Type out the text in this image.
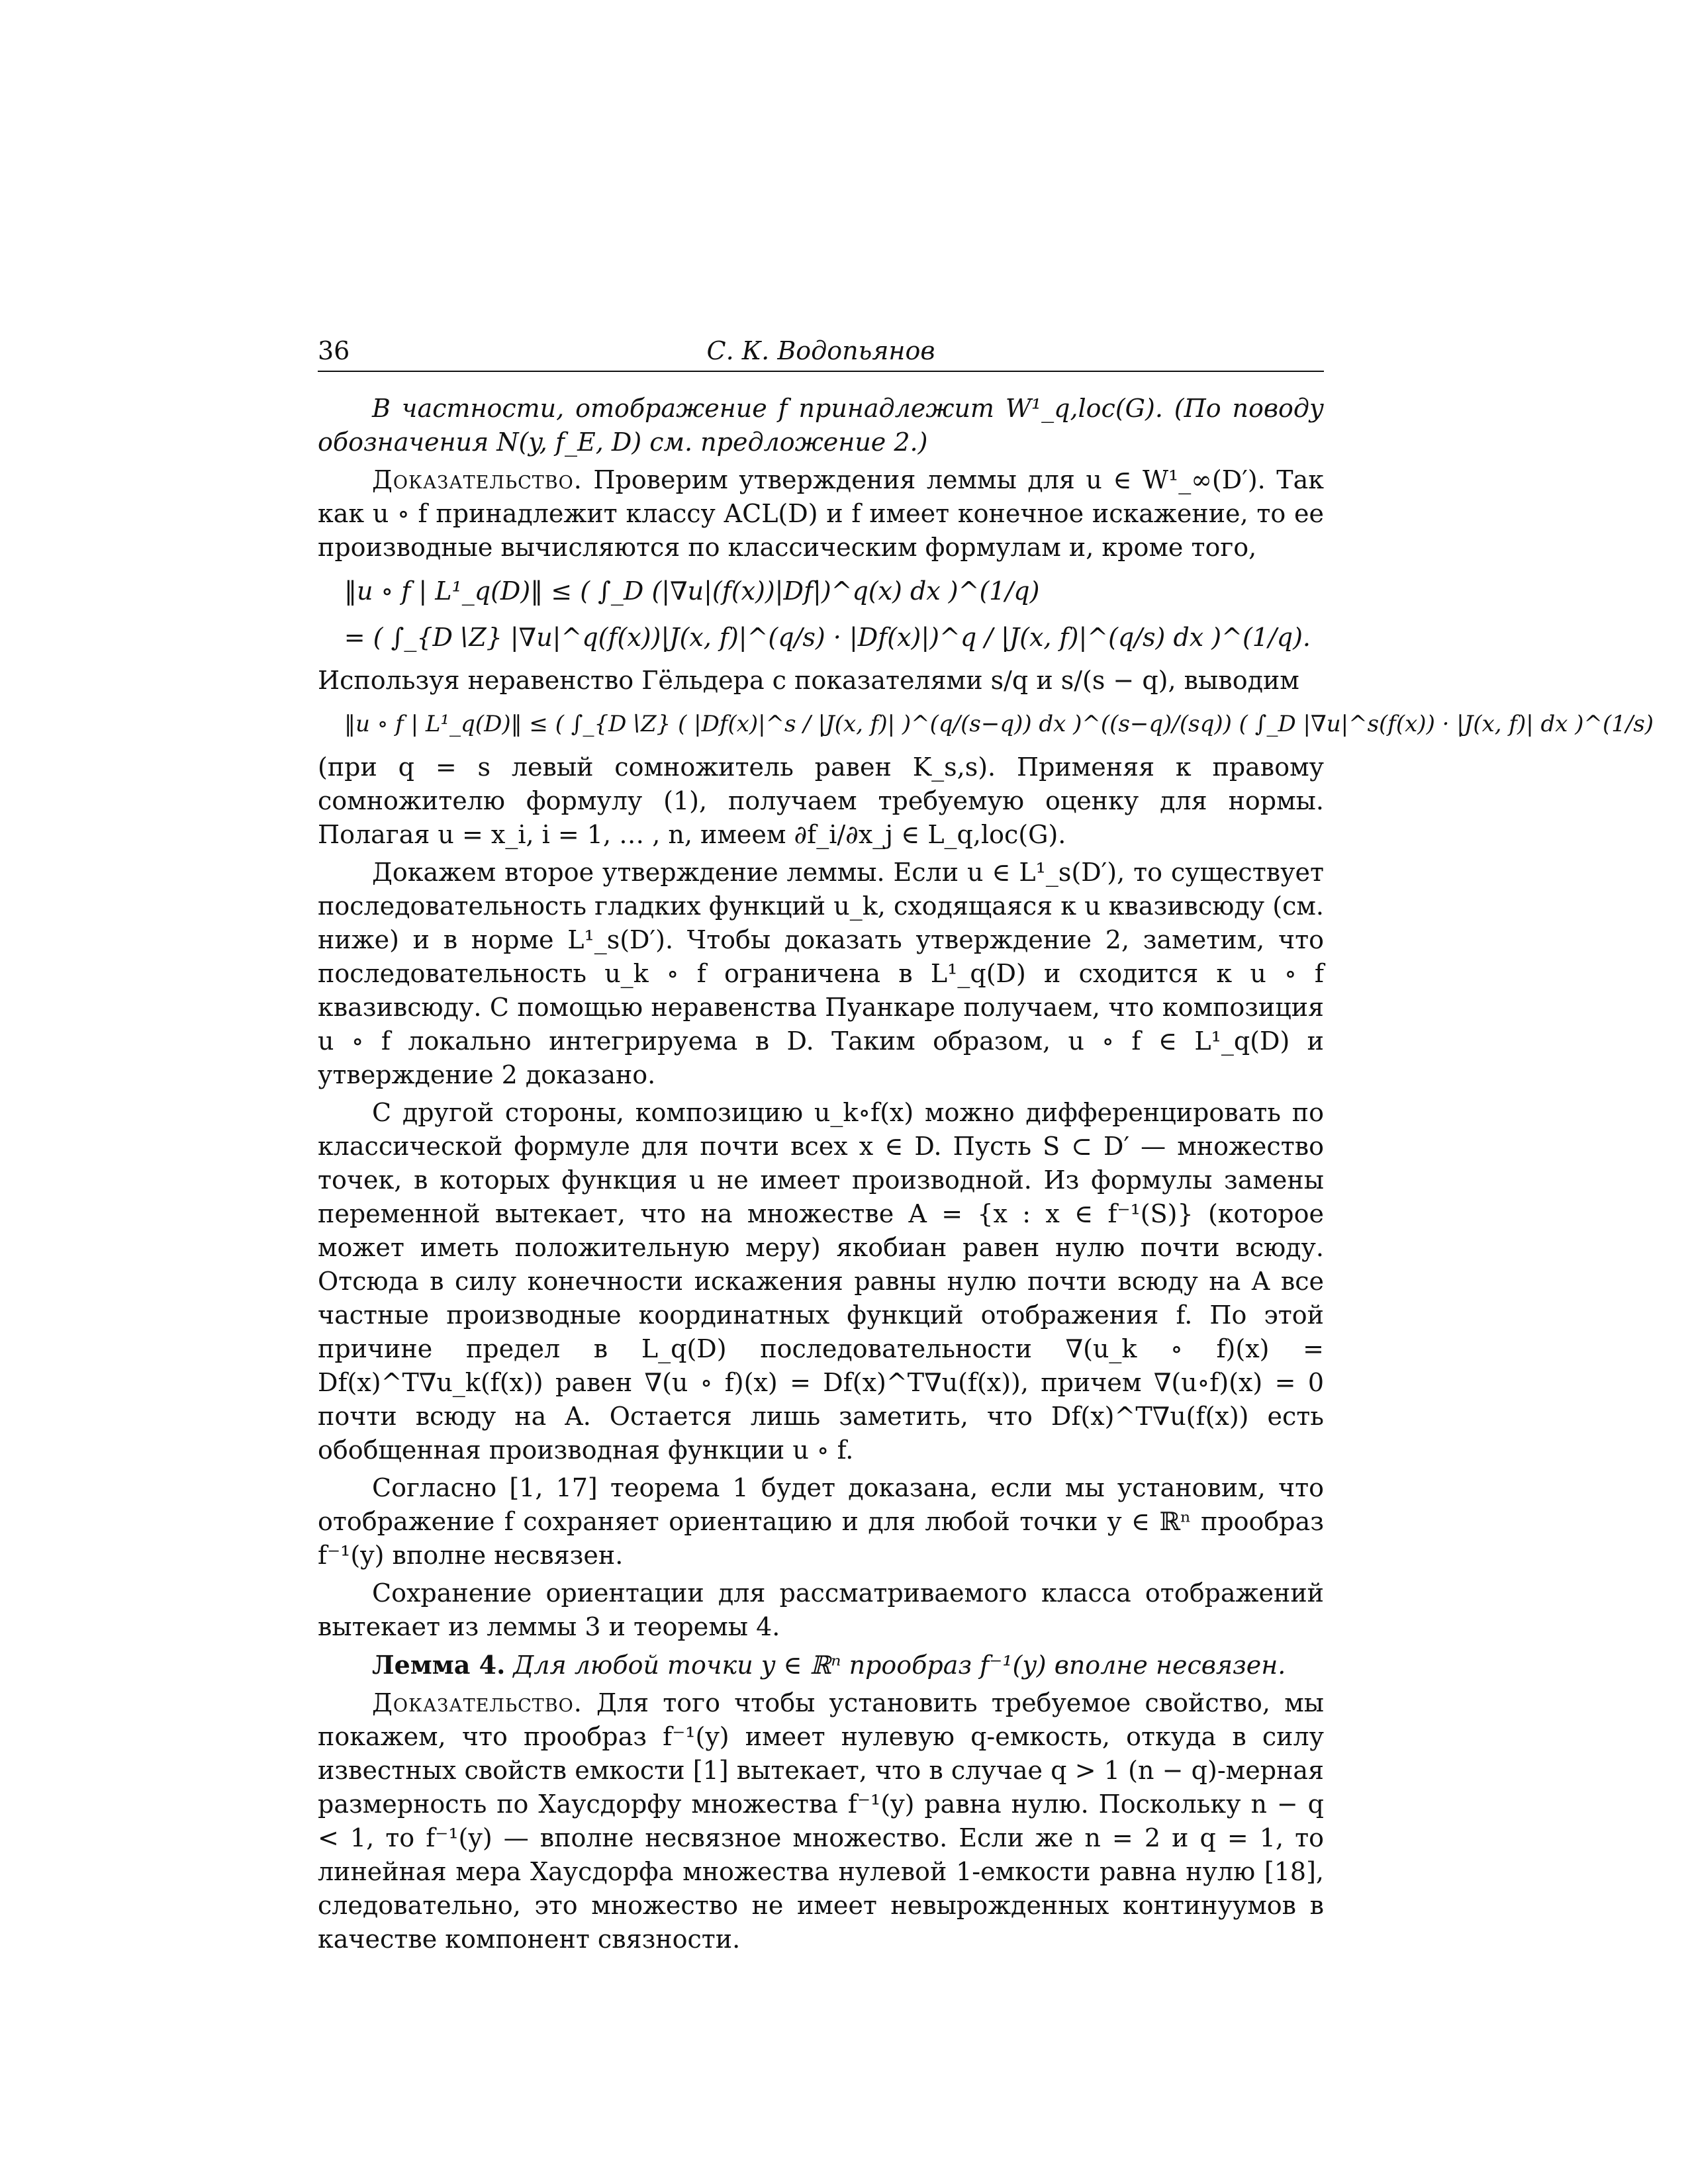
36	С. К. Водопьянов

В частности, отображение f принадлежит W¹_q,loc(G). (По поводу обозначения N(y, f_E, D) см. предложение 2.)

Доказательство. Проверим утверждения леммы для u ∈ W¹_∞(D′). Так как u ∘ f принадлежит классу ACL(D) и f имеет конечное искажение, то ее производные вычисляются по классическим формулам и, кроме того,

‖u ∘ f | L¹_q(D)‖ ≤ ( ∫_D (|∇u|(f(x))|Df|)^q(x) dx )^(1/q)
= ( ∫_{D∖Z} |∇u|^q(f(x))|J(x, f)|^(q/s) · |Df(x)|)^q / |J(x, f)|^(q/s) dx )^(1/q).

Используя неравенство Гёльдера с показателями s/q и s/(s − q), выводим

‖u ∘ f | L¹_q(D)‖ ≤ ( ∫_{D∖Z} ( |Df(x)|^s / |J(x, f)| )^(q/(s−q)) dx )^((s−q)/(sq)) ( ∫_D |∇u|^s(f(x)) · |J(x, f)| dx )^(1/s)

(при q = s левый сомножитель равен K_s,s). Применяя к правому сомножителю формулу (1), получаем требуемую оценку для нормы. Полагая u = x_i, i = 1, … , n, имеем ∂f_i/∂x_j ∈ L_q,loc(G).

Докажем второе утверждение леммы. Если u ∈ L¹_s(D′), то существует последовательность гладких функций u_k, сходящаяся к u квазивсюду (см. ниже) и в норме L¹_s(D′). Чтобы доказать утверждение 2, заметим, что последовательность u_k ∘ f ограничена в L¹_q(D) и сходится к u ∘ f квазивсюду. С помощью неравенства Пуанкаре получаем, что композиция u ∘ f локально интегрируема в D. Таким образом, u ∘ f ∈ L¹_q(D) и утверждение 2 доказано.

С другой стороны, композицию u_k∘f(x) можно дифференцировать по классической формуле для почти всех x ∈ D. Пусть S ⊂ D′ — множество точек, в которых функция u не имеет производной. Из формулы замены переменной вытекает, что на множестве A = {x : x ∈ f⁻¹(S)} (которое может иметь положительную меру) якобиан равен нулю почти всюду. Отсюда в силу конечности искажения равны нулю почти всюду на A все частные производные координатных функций отображения f. По этой причине предел в L_q(D) последовательности ∇(u_k ∘ f)(x) = Df(x)^T∇u_k(f(x)) равен ∇(u ∘ f)(x) = Df(x)^T∇u(f(x)), причем ∇(u∘f)(x) = 0 почти всюду на A. Остается лишь заметить, что Df(x)^T∇u(f(x)) есть обобщенная производная функции u ∘ f.

Согласно [1, 17] теорема 1 будет доказана, если мы установим, что отображение f сохраняет ориентацию и для любой точки y ∈ ℝⁿ прообраз f⁻¹(y) вполне несвязен.

Сохранение ориентации для рассматриваемого класса отображений вытекает из леммы 3 и теоремы 4.

Лемма 4. Для любой точки y ∈ ℝⁿ прообраз f⁻¹(y) вполне несвязен.

Доказательство. Для того чтобы установить требуемое свойство, мы покажем, что прообраз f⁻¹(y) имеет нулевую q-емкость, откуда в силу известных свойств емкости [1] вытекает, что в случае q > 1 (n − q)-мерная размерность по Хаусдорфу множества f⁻¹(y) равна нулю. Поскольку n − q < 1, то f⁻¹(y) — вполне несвязное множество. Если же n = 2 и q = 1, то линейная мера Хаусдорфа множества нулевой 1-емкости равна нулю [18], следовательно, это множество не имеет невырожденных континуумов в качестве компонент связности.
